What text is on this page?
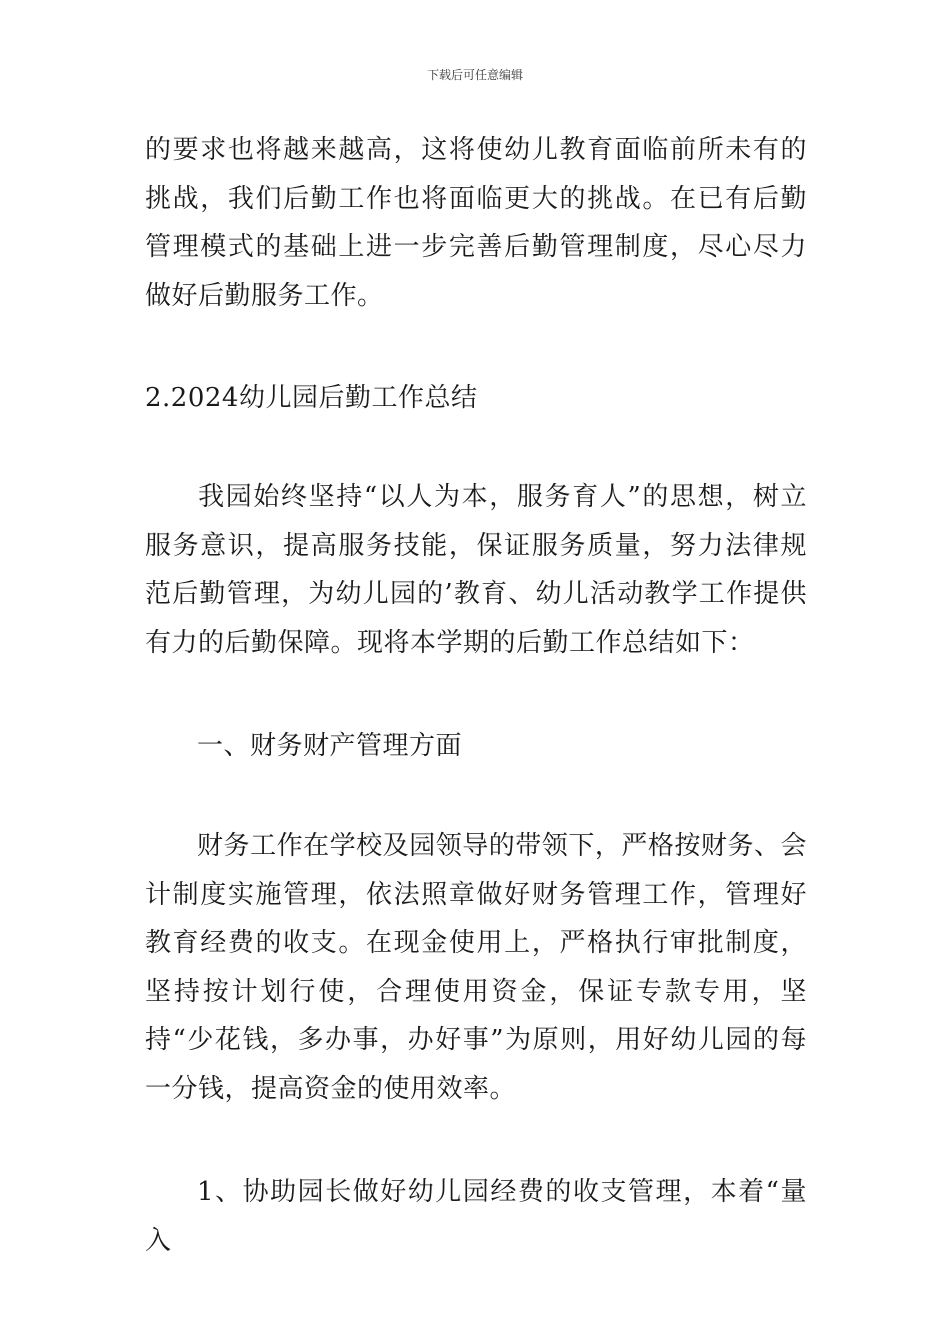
下载后可任意编辑

的要求也将越来越高，这将使幼儿教育面临前所未有的挑战，我们后勤工作也将面临更大的挑战。在已有后勤管理模式的基础上进一步完善后勤管理制度，尽心尽力做好后勤服务工作。

2.2024幼儿园后勤工作总结

我园始终坚持“以人为本，服务育人”的思想，树立服务意识，提高服务技能，保证服务质量，努力法律规范后勤管理，为幼儿园的’教育、幼儿活动教学工作提供有力的后勤保障。现将本学期的后勤工作总结如下：

一、财务财产管理方面

财务工作在学校及园领导的带领下，严格按财务、会计制度实施管理，依法照章做好财务管理工作，管理好教育经费的收支。在现金使用上，严格执行审批制度，坚持按计划行使，合理使用资金，保证专款专用，坚持“少花钱，多办事，办好事”为原则，用好幼儿园的每一分钱，提高资金的使用效率。

1、协助园长做好幼儿园经费的收支管理，本着“量入
